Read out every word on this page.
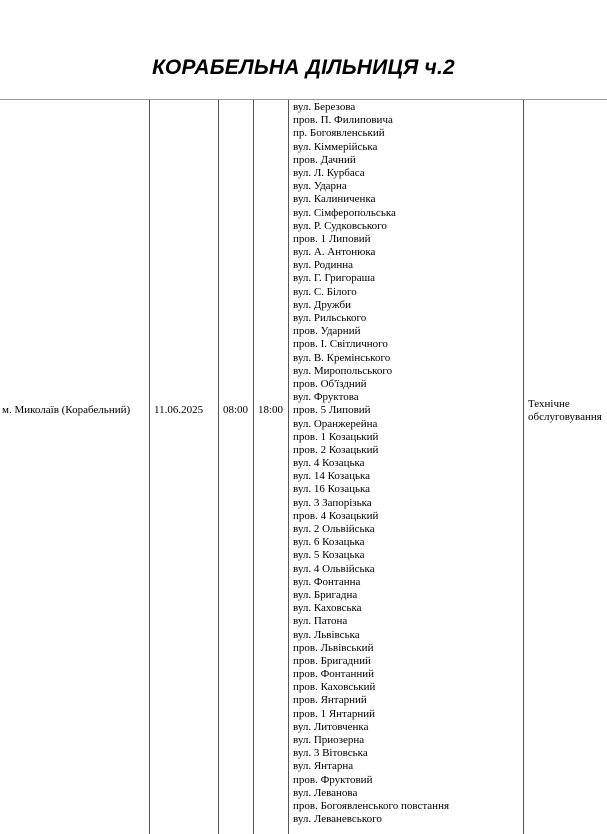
КОРАБЕЛЬНА ДІЛЬНИЦЯ ч.2
м. Миколаїв (Корабельний) 11.06.2025 08:00 18:00
вул. Березова
пров. П. Филиповича
пр. Богоявленський
вул. Кіммерійська
пров. Дачний
вул. Л. Курбаса
вул. Ударна
вул. Калиниченка
вул. Сімферопольська
вул. Р. Судковського
пров. 1 Липовий
вул. А. Антонюка
вул. Родинна
вул. Г. Григораша
вул. С. Білого
вул. Дружби
вул. Рильського
пров. Ударний
пров. І. Світличного
вул. В. Кремінського
вул. Миропольського
пров. Об'їздний
вул. Фруктова
пров. 5 Липовий
вул. Оранжерейна
пров. 1 Козацький
пров. 2 Козацький
вул. 4 Козацька
вул. 14 Козацька
вул. 16 Козацька
вул. 3 Запорізька
пров. 4 Козацький
вул. 2 Ольвійська
вул. 6 Козацька
вул. 5 Козацька
вул. 4 Ольвійська
вул. Фонтанна
вул. Бригадна
вул. Каховська
вул. Патона
вул. Львівська
пров. Львівський
пров. Бригадний
пров. Фонтанний
пров. Каховський
пров. Янтарний
пров. 1 Янтарний
вул. Литовченка
вул. Приозерна
вул. 3 Вітовська
вул. Янтарна
пров. Фруктовий
вул. Леванова
пров. Богоявленського повстання
вул. Леваневського
Технічне
обслуговування
